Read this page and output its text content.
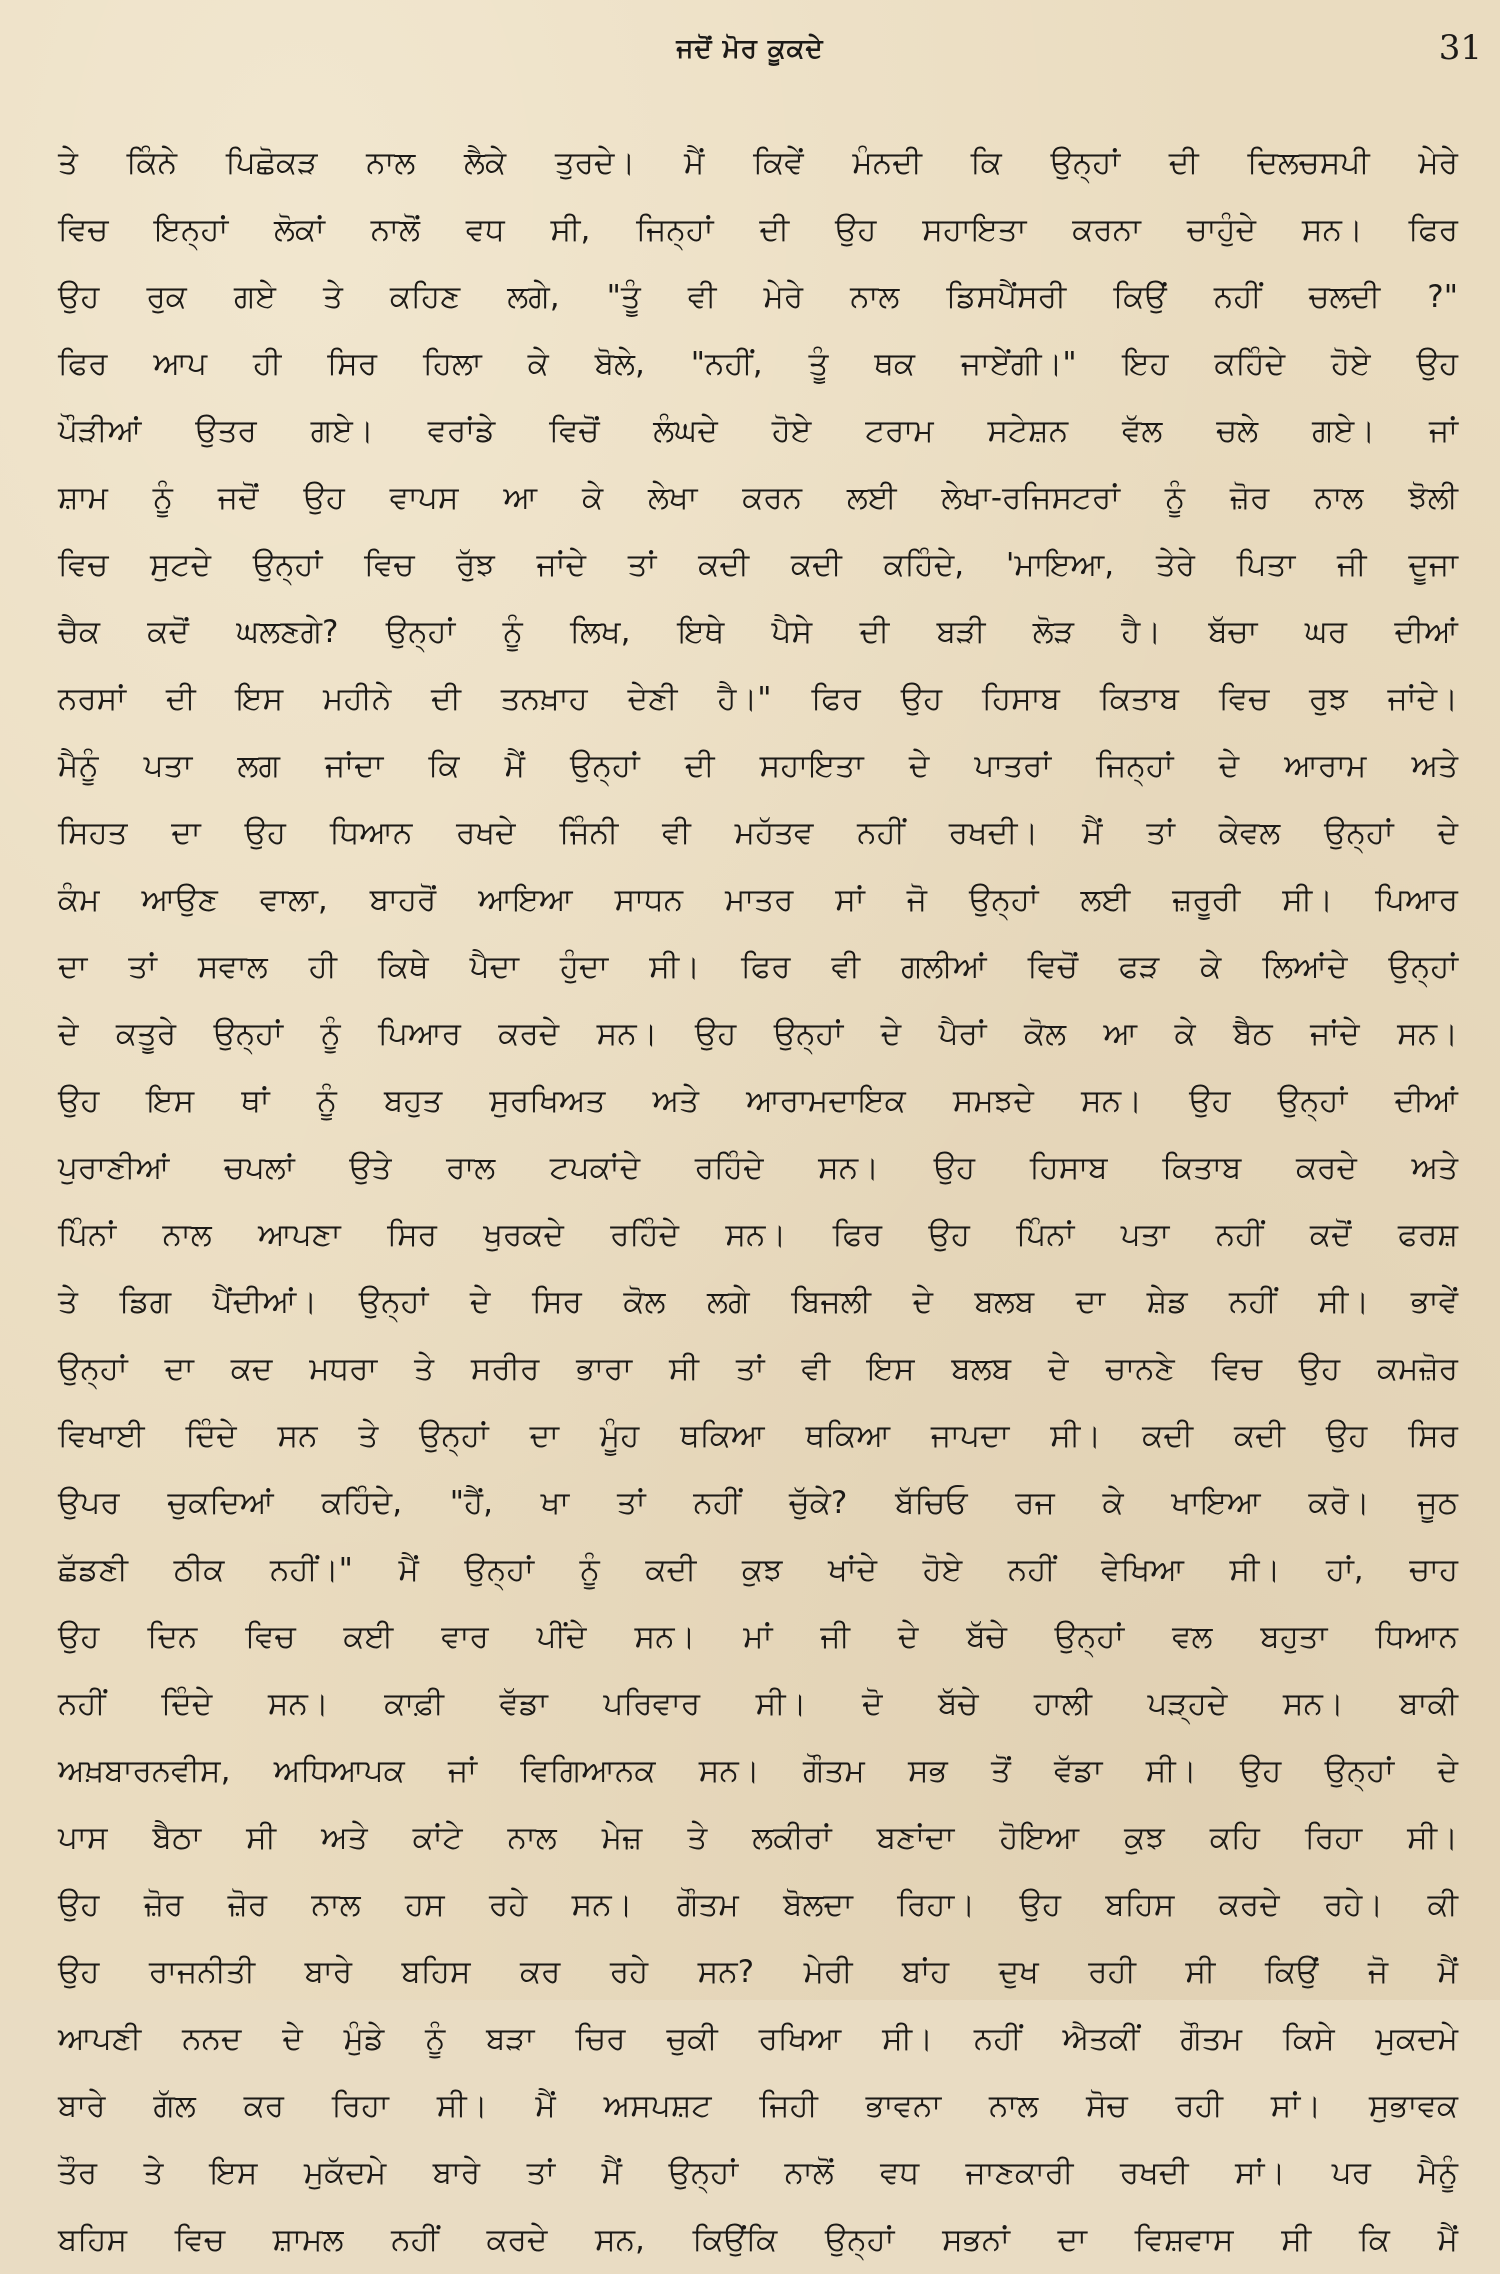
ਜਦੋਂ ਮੋਰ ਕੂਕਦੇ	31
ਤੇ ਕਿੰਨੇ ਪਿਛੋਕੜ ਨਾਲ ਲੈਕੇ ਤੁਰਦੇ। ਮੈਂ ਕਿਵੇਂ ਮੰਨਦੀ ਕਿ ਉਨ੍ਹਾਂ ਦੀ ਦਿਲਚਸਪੀ ਮੇਰੇ
ਵਿਚ ਇਨ੍ਹਾਂ ਲੋਕਾਂ ਨਾਲੋਂ ਵਧ ਸੀ, ਜਿਨ੍ਹਾਂ ਦੀ ਉਹ ਸਹਾਇਤਾ ਕਰਨਾ ਚਾਹੁੰਦੇ ਸਨ। ਫਿਰ
ਉਹ ਰੁਕ ਗਏ ਤੇ ਕਹਿਣ ਲਗੇ, "ਤੂੰ ਵੀ ਮੇਰੇ ਨਾਲ ਡਿਸਪੈਂਸਰੀ ਕਿਉਂ ਨਹੀਂ ਚਲਦੀ ?"
ਫਿਰ ਆਪ ਹੀ ਸਿਰ ਹਿਲਾ ਕੇ ਬੋਲੇ, "ਨਹੀਂ, ਤੂੰ ਥਕ ਜਾਏਂਗੀ।" ਇਹ ਕਹਿੰਦੇ ਹੋਏ ਉਹ
ਪੌੜੀਆਂ ਉਤਰ ਗਏ। ਵਰਾਂਡੇ ਵਿਚੋਂ ਲੰਘਦੇ ਹੋਏ ਟਰਾਮ ਸਟੇਸ਼ਨ ਵੱਲ ਚਲੇ ਗਏ। ਜਾਂ
ਸ਼ਾਮ ਨੂੰ ਜਦੋਂ ਉਹ ਵਾਪਸ ਆ ਕੇ ਲੇਖਾ ਕਰਨ ਲਈ ਲੇਖਾ-ਰਜਿਸਟਰਾਂ ਨੂੰ ਜ਼ੋਰ ਨਾਲ ਝੋਲੀ
ਵਿਚ ਸੁਟਦੇ ਉਨ੍ਹਾਂ ਵਿਚ ਰੁੱਝ ਜਾਂਦੇ ਤਾਂ ਕਦੀ ਕਦੀ ਕਹਿੰਦੇ, 'ਮਾਇਆ, ਤੇਰੇ ਪਿਤਾ ਜੀ ਦੂਜਾ
ਚੈਕ ਕਦੋਂ ਘਲਣਗੇ? ਉਨ੍ਹਾਂ ਨੂੰ ਲਿਖ, ਇਥੇ ਪੈਸੇ ਦੀ ਬੜੀ ਲੋੜ ਹੈ। ਬੱਚਾ ਘਰ ਦੀਆਂ
ਨਰਸਾਂ ਦੀ ਇਸ ਮਹੀਨੇ ਦੀ ਤਨਖ਼ਾਹ ਦੇਣੀ ਹੈ।" ਫਿਰ ਉਹ ਹਿਸਾਬ ਕਿਤਾਬ ਵਿਚ ਰੁਝ ਜਾਂਦੇ।
ਮੈਨੂੰ ਪਤਾ ਲਗ ਜਾਂਦਾ ਕਿ ਮੈਂ ਉਨ੍ਹਾਂ ਦੀ ਸਹਾਇਤਾ ਦੇ ਪਾਤਰਾਂ ਜਿਨ੍ਹਾਂ ਦੇ ਆਰਾਮ ਅਤੇ
ਸਿਹਤ ਦਾ ਉਹ ਧਿਆਨ ਰਖਦੇ ਜਿੰਨੀ ਵੀ ਮਹੱਤਵ ਨਹੀਂ ਰਖਦੀ। ਮੈਂ ਤਾਂ ਕੇਵਲ ਉਨ੍ਹਾਂ ਦੇ
ਕੰਮ ਆਉਣ ਵਾਲਾ, ਬਾਹਰੋਂ ਆਇਆ ਸਾਧਨ ਮਾਤਰ ਸਾਂ ਜੋ ਉਨ੍ਹਾਂ ਲਈ ਜ਼ਰੂਰੀ ਸੀ। ਪਿਆਰ
ਦਾ ਤਾਂ ਸਵਾਲ ਹੀ ਕਿਥੇ ਪੈਦਾ ਹੁੰਦਾ ਸੀ। ਫਿਰ ਵੀ ਗਲੀਆਂ ਵਿਚੋਂ ਫੜ ਕੇ ਲਿਆਂਦੇ ਉਨ੍ਹਾਂ
ਦੇ ਕਤੂਰੇ ਉਨ੍ਹਾਂ ਨੂੰ ਪਿਆਰ ਕਰਦੇ ਸਨ। ਉਹ ਉਨ੍ਹਾਂ ਦੇ ਪੈਰਾਂ ਕੋਲ ਆ ਕੇ ਬੈਠ ਜਾਂਦੇ ਸਨ।
ਉਹ ਇਸ ਥਾਂ ਨੂੰ ਬਹੁਤ ਸੁਰਖਿਅਤ ਅਤੇ ਆਰਾਮਦਾਇਕ ਸਮਝਦੇ ਸਨ। ਉਹ ਉਨ੍ਹਾਂ ਦੀਆਂ
ਪੁਰਾਣੀਆਂ ਚਪਲਾਂ ਉਤੇ ਰਾਲ ਟਪਕਾਂਦੇ ਰਹਿੰਦੇ ਸਨ। ਉਹ ਹਿਸਾਬ ਕਿਤਾਬ ਕਰਦੇ ਅਤੇ
ਪਿੰਨਾਂ ਨਾਲ ਆਪਣਾ ਸਿਰ ਖੁਰਕਦੇ ਰਹਿੰਦੇ ਸਨ। ਫਿਰ ਉਹ ਪਿੰਨਾਂ ਪਤਾ ਨਹੀਂ ਕਦੋਂ ਫਰਸ਼
ਤੇ ਡਿਗ ਪੈਂਦੀਆਂ। ਉਨ੍ਹਾਂ ਦੇ ਸਿਰ ਕੋਲ ਲਗੇ ਬਿਜਲੀ ਦੇ ਬਲਬ ਦਾ ਸ਼ੇਡ ਨਹੀਂ ਸੀ। ਭਾਵੇਂ
ਉਨ੍ਹਾਂ ਦਾ ਕਦ ਮਧਰਾ ਤੇ ਸਰੀਰ ਭਾਰਾ ਸੀ ਤਾਂ ਵੀ ਇਸ ਬਲਬ ਦੇ ਚਾਨਣੇ ਵਿਚ ਉਹ ਕਮਜ਼ੋਰ
ਵਿਖਾਈ ਦਿੰਦੇ ਸਨ ਤੇ ਉਨ੍ਹਾਂ ਦਾ ਮੂੰਹ ਥਕਿਆ ਥਕਿਆ ਜਾਪਦਾ ਸੀ। ਕਦੀ ਕਦੀ ਉਹ ਸਿਰ
ਉਪਰ ਚੁਕਦਿਆਂ ਕਹਿੰਦੇ, "ਹੈਂ, ਖਾ ਤਾਂ ਨਹੀਂ ਚੁੱਕੇ? ਬੱਚਿਓ ਰਜ ਕੇ ਖਾਇਆ ਕਰੋ। ਜੂਠ
ਛੱਡਣੀ ਠੀਕ ਨਹੀਂ।" ਮੈਂ ਉਨ੍ਹਾਂ ਨੂੰ ਕਦੀ ਕੁਝ ਖਾਂਦੇ ਹੋਏ ਨਹੀਂ ਵੇਖਿਆ ਸੀ। ਹਾਂ, ਚਾਹ
ਉਹ ਦਿਨ ਵਿਚ ਕਈ ਵਾਰ ਪੀਂਦੇ ਸਨ। ਮਾਂ ਜੀ ਦੇ ਬੱਚੇ ਉਨ੍ਹਾਂ ਵਲ ਬਹੁਤਾ ਧਿਆਨ
ਨਹੀਂ ਦਿੰਦੇ ਸਨ। ਕਾਫ਼ੀ ਵੱਡਾ ਪਰਿਵਾਰ ਸੀ। ਦੋ ਬੱਚੇ ਹਾਲੀ ਪੜ੍ਹਦੇ ਸਨ। ਬਾਕੀ
ਅਖ਼ਬਾਰਨਵੀਸ, ਅਧਿਆਪਕ ਜਾਂ ਵਿਗਿਆਨਕ ਸਨ। ਗੌਤਮ ਸਭ ਤੋਂ ਵੱਡਾ ਸੀ। ਉਹ ਉਨ੍ਹਾਂ ਦੇ
ਪਾਸ ਬੈਠਾ ਸੀ ਅਤੇ ਕਾਂਟੇ ਨਾਲ ਮੇਜ਼ ਤੇ ਲਕੀਰਾਂ ਬਣਾਂਦਾ ਹੋਇਆ ਕੁਝ ਕਹਿ ਰਿਹਾ ਸੀ।
ਉਹ ਜ਼ੋਰ ਜ਼ੋਰ ਨਾਲ ਹਸ ਰਹੇ ਸਨ। ਗੌਤਮ ਬੋਲਦਾ ਰਿਹਾ। ਉਹ ਬਹਿਸ ਕਰਦੇ ਰਹੇ। ਕੀ
ਉਹ ਰਾਜਨੀਤੀ ਬਾਰੇ ਬਹਿਸ ਕਰ ਰਹੇ ਸਨ? ਮੇਰੀ ਬਾਂਹ ਦੁਖ ਰਹੀ ਸੀ ਕਿਉਂ ਜੋ ਮੈਂ
ਆਪਣੀ ਨਨਦ ਦੇ ਮੁੰਡੇ ਨੂੰ ਬੜਾ ਚਿਰ ਚੁਕੀ ਰਖਿਆ ਸੀ। ਨਹੀਂ ਐਤਕੀਂ ਗੌਤਮ ਕਿਸੇ ਮੁਕਦਮੇ
ਬਾਰੇ ਗੱਲ ਕਰ ਰਿਹਾ ਸੀ। ਮੈਂ ਅਸਪਸ਼ਟ ਜਿਹੀ ਭਾਵਨਾ ਨਾਲ ਸੋਚ ਰਹੀ ਸਾਂ। ਸੁਭਾਵਕ
ਤੌਰ ਤੇ ਇਸ ਮੁਕੱਦਮੇ ਬਾਰੇ ਤਾਂ ਮੈਂ ਉਨ੍ਹਾਂ ਨਾਲੋਂ ਵਧ ਜਾਣਕਾਰੀ ਰਖਦੀ ਸਾਂ। ਪਰ ਮੈਨੂੰ
ਬਹਿਸ ਵਿਚ ਸ਼ਾਮਲ ਨਹੀਂ ਕਰਦੇ ਸਨ, ਕਿਉਂਕਿ ਉਨ੍ਹਾਂ ਸਭਨਾਂ ਦਾ ਵਿਸ਼ਵਾਸ ਸੀ ਕਿ ਮੈਂ
